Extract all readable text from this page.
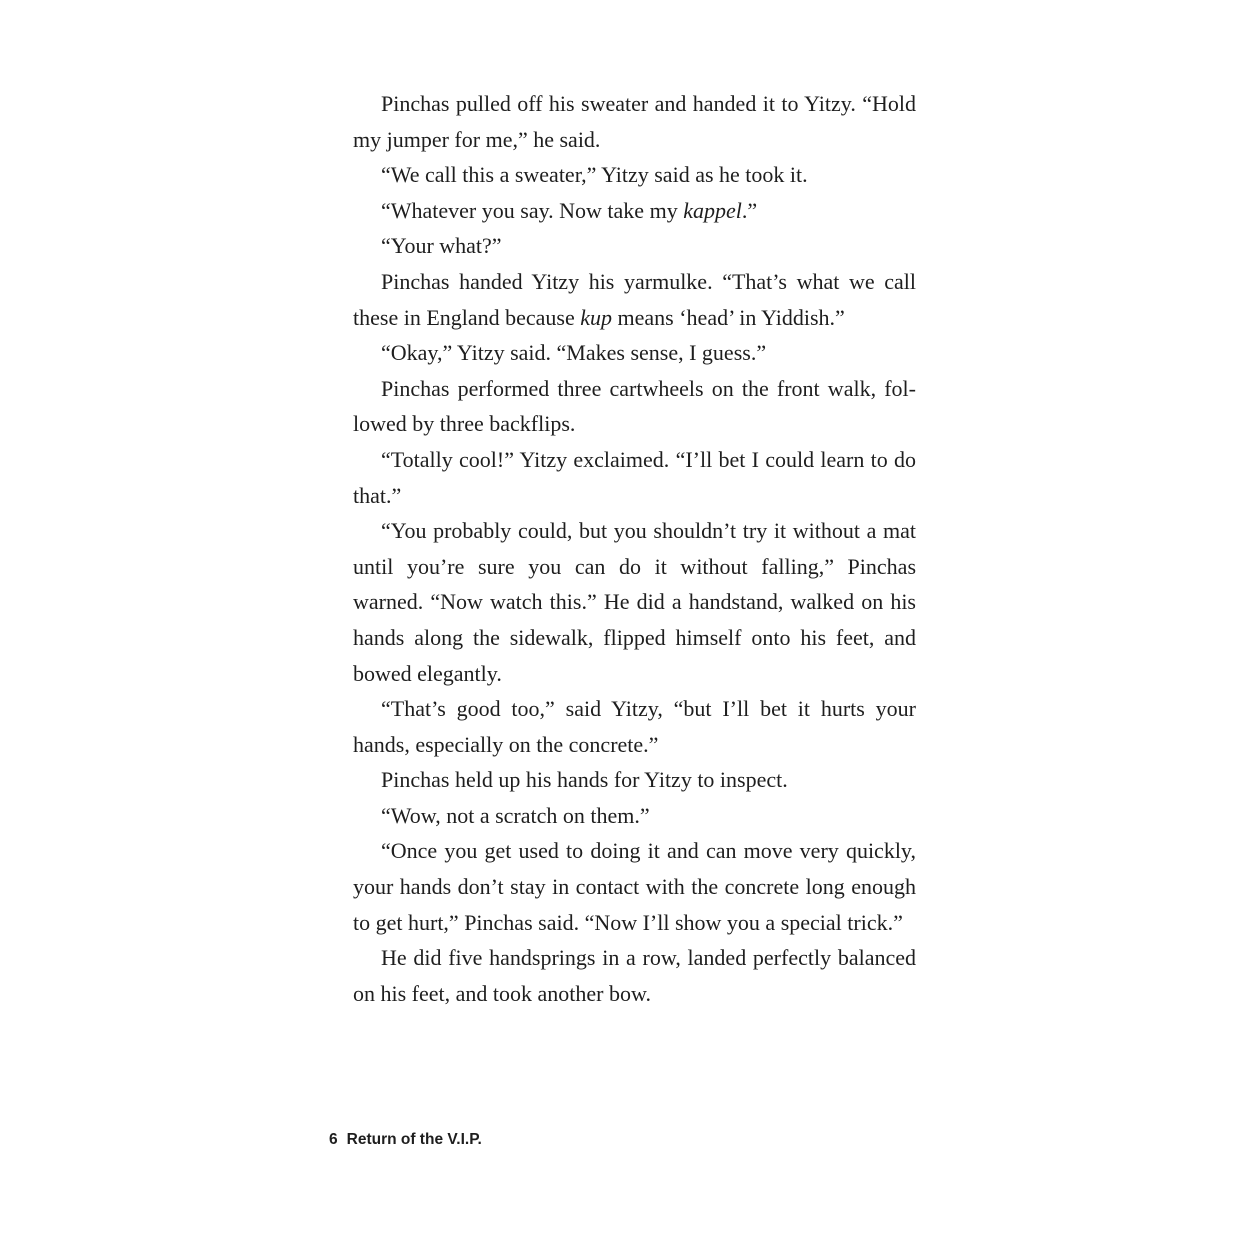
Pinchas pulled off his sweater and handed it to Yitzy. “Hold my jumper for me,” he said.

“We call this a sweater,” Yitzy said as he took it.

“Whatever you say. Now take my kappel.”

“Your what?”

Pinchas handed Yitzy his yarmulke. “That’s what we call these in England because kup means ‘head’ in Yiddish.”

“Okay,” Yitzy said. “Makes sense, I guess.”

Pinchas performed three cartwheels on the front walk, followed by three backflips.

“Totally cool!” Yitzy exclaimed. “I’ll bet I could learn to do that.”

“You probably could, but you shouldn’t try it without a mat until you’re sure you can do it without falling,” Pinchas warned. “Now watch this.” He did a handstand, walked on his hands along the sidewalk, flipped himself onto his feet, and bowed elegantly.

“That’s good too,” said Yitzy, “but I’ll bet it hurts your hands, especially on the concrete.”

Pinchas held up his hands for Yitzy to inspect.

“Wow, not a scratch on them.”

“Once you get used to doing it and can move very quickly, your hands don’t stay in contact with the concrete long enough to get hurt,” Pinchas said. “Now I’ll show you a special trick.”

He did five handsprings in a row, landed perfectly balanced on his feet, and took another bow.

6 Return of the V.I.P.
